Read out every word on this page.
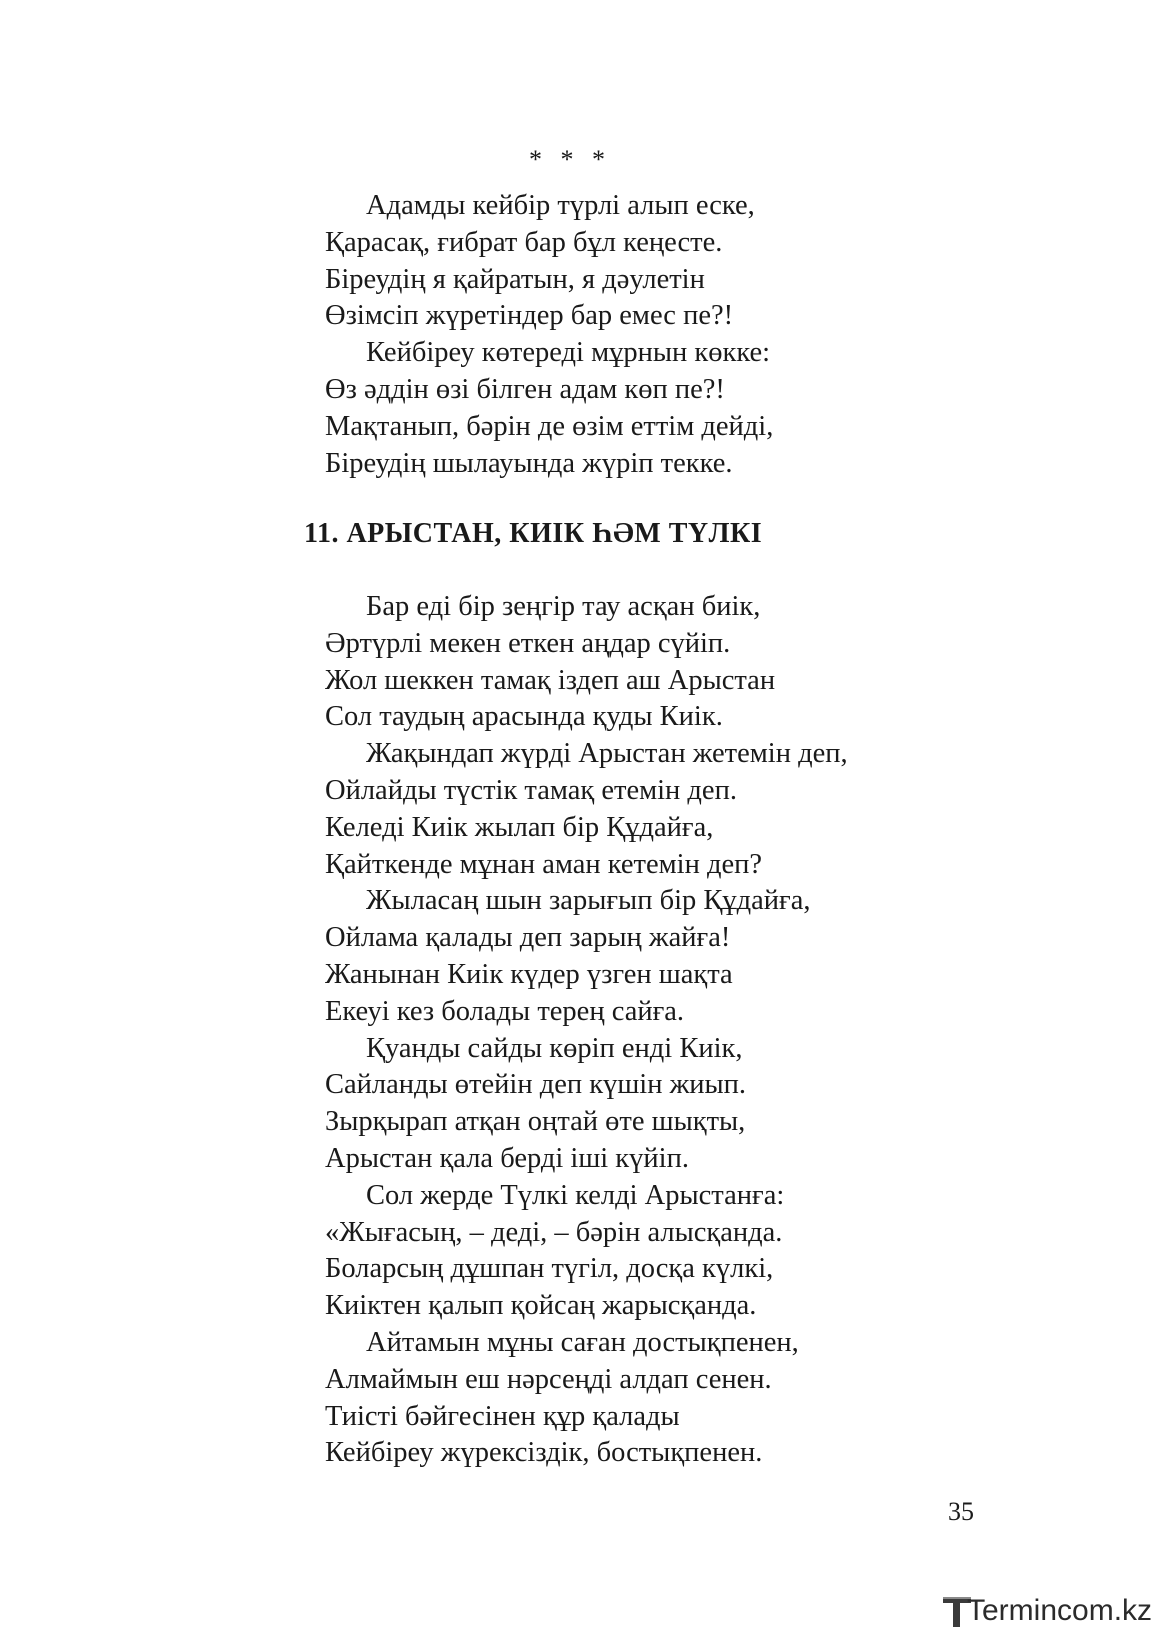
* * *
Адамды кейбір түрлі алып еске,
Қарасақ, ғибрат бар бұл кеңесте.
Біреудің я қайратын, я дәулетін
Өзімсіп жүретіндер бар емес пе?!
Кейбіреу көтереді мұрнын көкке:
Өз әддін өзі білген адам көп пе?!
Мақтанып, бәрін де өзім еттім дейді,
Біреудің шылауында жүріп текке.
11. АРЫСТАН, КИІК ҺӘМ ТҮЛКІ
Бар еді бір зеңгір тау асқан биік,
Әртүрлі мекен еткен аңдар сүйіп.
Жол шеккен тамақ іздеп аш Арыстан
Сол таудың арасында қуды Киік.
Жақындап жүрді Арыстан жетемін деп,
Ойлайды түстік тамақ етемін деп.
Келеді Киік жылап бір Құдайға,
Қайткенде мұнан аман кетемін деп?
Жыласаң шын зарығып бір Құдайға,
Ойлама қалады деп зарың жайға!
Жанынан Киік күдер үзген шақта
Екеуі кез болады терең сайға.
Қуанды сайды көріп енді Киік,
Сайланды өтейін деп күшін жиып.
Зырқырап атқан оңтай өте шықты,
Арыстан қала берді іші күйіп.
Сол жерде Түлкі келді Арыстанға:
«Жығасың, – деді, – бәрін алысқанда.
Боларсың дұшпан түгіл, досқа күлкі,
Киіктен қалып қойсаң жарысқанда.
Айтамын мұны саған достықпенен,
Алмаймын еш нәрсеңді алдап сенен.
Тиісті бәйгесінен құр қалады
Кейбіреу жүрексіздік, бостықпенен.
35
Termincom.kz
